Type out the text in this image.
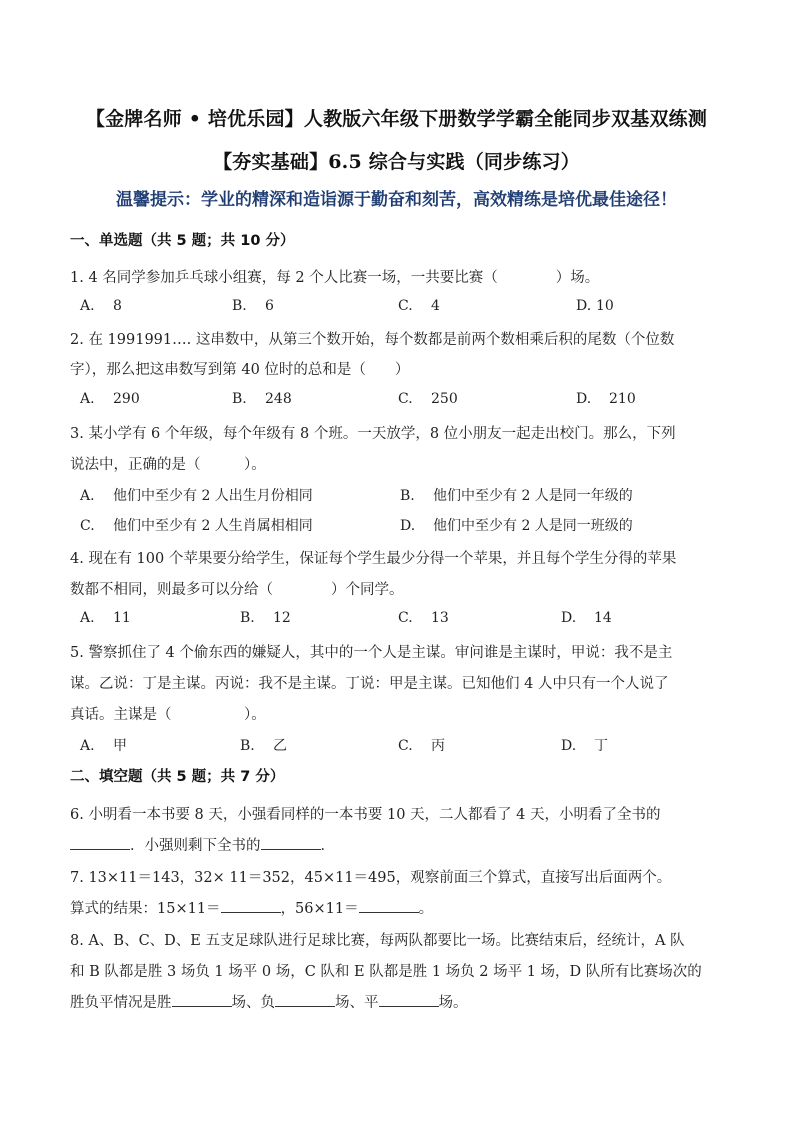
【金牌名师 • 培优乐园】人教版六年级下册数学学霸全能同步双基双练测
【夯实基础】6.5 综合与实践（同步练习）
温馨提示：学业的精深和造诣源于勤奋和刻苦，高效精练是培优最佳途径！
一、单选题（共 5 题；共 10 分）
1. 4 名同学参加乒乓球小组赛，每 2 个人比赛一场，一共要比赛（　　　　）场。
A. 8	B. 6	C. 4	D. 10
2. 在 1991991…. 这串数中，从第三个数开始，每个数都是前两个数相乘后积的尾数（个位数
字），那么把这串数写到第 40 位时的总和是（　　）
A. 290	B. 248	C. 250	D. 210
3. 某小学有 6 个年级，每个年级有 8 个班。一天放学，8 位小朋友一起走出校门。那么，下列
说法中，正确的是（　　　）。
A. 他们中至少有 2 人出生月份相同	B. 他们中至少有 2 人是同一年级的
C. 他们中至少有 2 人生肖属相相同	D. 他们中至少有 2 人是同一班级的
4. 现在有 100 个苹果要分给学生，保证每个学生最少分得一个苹果，并且每个学生分得的苹果
数都不相同，则最多可以分给（　　　　）个同学。
A. 11	B. 12	C. 13	D. 14
5. 警察抓住了 4 个偷东西的嫌疑人，其中的一个人是主谋。审问谁是主谋时，甲说：我不是主
谋。乙说：丁是主谋。丙说：我不是主谋。丁说：甲是主谋。已知他们 4 人中只有一个人说了
真话。主谋是（　　　　　）。
A. 甲	B. 乙	C. 丙	D. 丁
二、填空题（共 5 题；共 7 分）
6. 小明看一本书要 8 天，小强看同样的一本书要 10 天，二人都看了 4 天，小明看了全书的
．小强则剩下全书的	．
7. 13×11＝143，32× 11＝352，45×11＝495，观察前面三个算式，直接写出后面两个。
算式的结果：15×11＝	，56×11＝	。
8. A、B、C、D、E 五支足球队进行足球比赛，每两队都要比一场。比赛结束后，经统计，A 队
和 B 队都是胜 3 场负 1 场平 0 场，C 队和 E 队都是胜 1 场负 2 场平 1 场，D 队所有比赛场次的
胜负平情况是胜	场、负	场、平	场。
